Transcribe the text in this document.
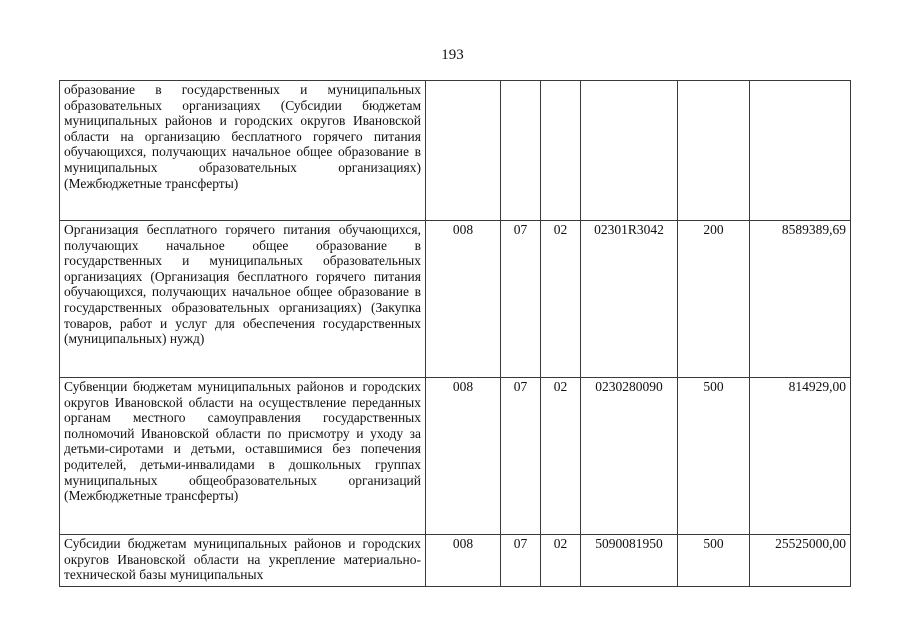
193
образование в государственных и муниципальных образовательных организациях (Субсидии бюджетам муниципальных районов и городских округов Ивановской области на организацию бесплатного горячего питания обучающихся, получающих начальное общее образование в муниципальных образовательных организациях) (Межбюджетные трансферты)						
Организация бесплатного горячего питания обучающихся, получающих начальное общее образование в государственных и муниципальных образовательных организациях (Организация бесплатного горячего питания обучающихся, получающих начальное общее образование в государственных образовательных организациях) (Закупка товаров, работ и услуг для обеспечения государственных (муниципальных) нужд)	008	07	02	02301R3042	200	8589389,69
Субвенции бюджетам муниципальных районов и городских округов Ивановской области на осуществление переданных органам местного самоуправления государственных полномочий Ивановской области по присмотру и уходу за детьми-сиротами и детьми, оставшимися без попечения родителей, детьми-инвалидами в дошкольных группах муниципальных общеобразовательных организаций (Межбюджетные трансферты)	008	07	02	0230280090	500	814929,00
Субсидии бюджетам муниципальных районов и городских округов Ивановской области на укрепление материально-технической базы муниципальных	008	07	02	5090081950	500	25525000,00
